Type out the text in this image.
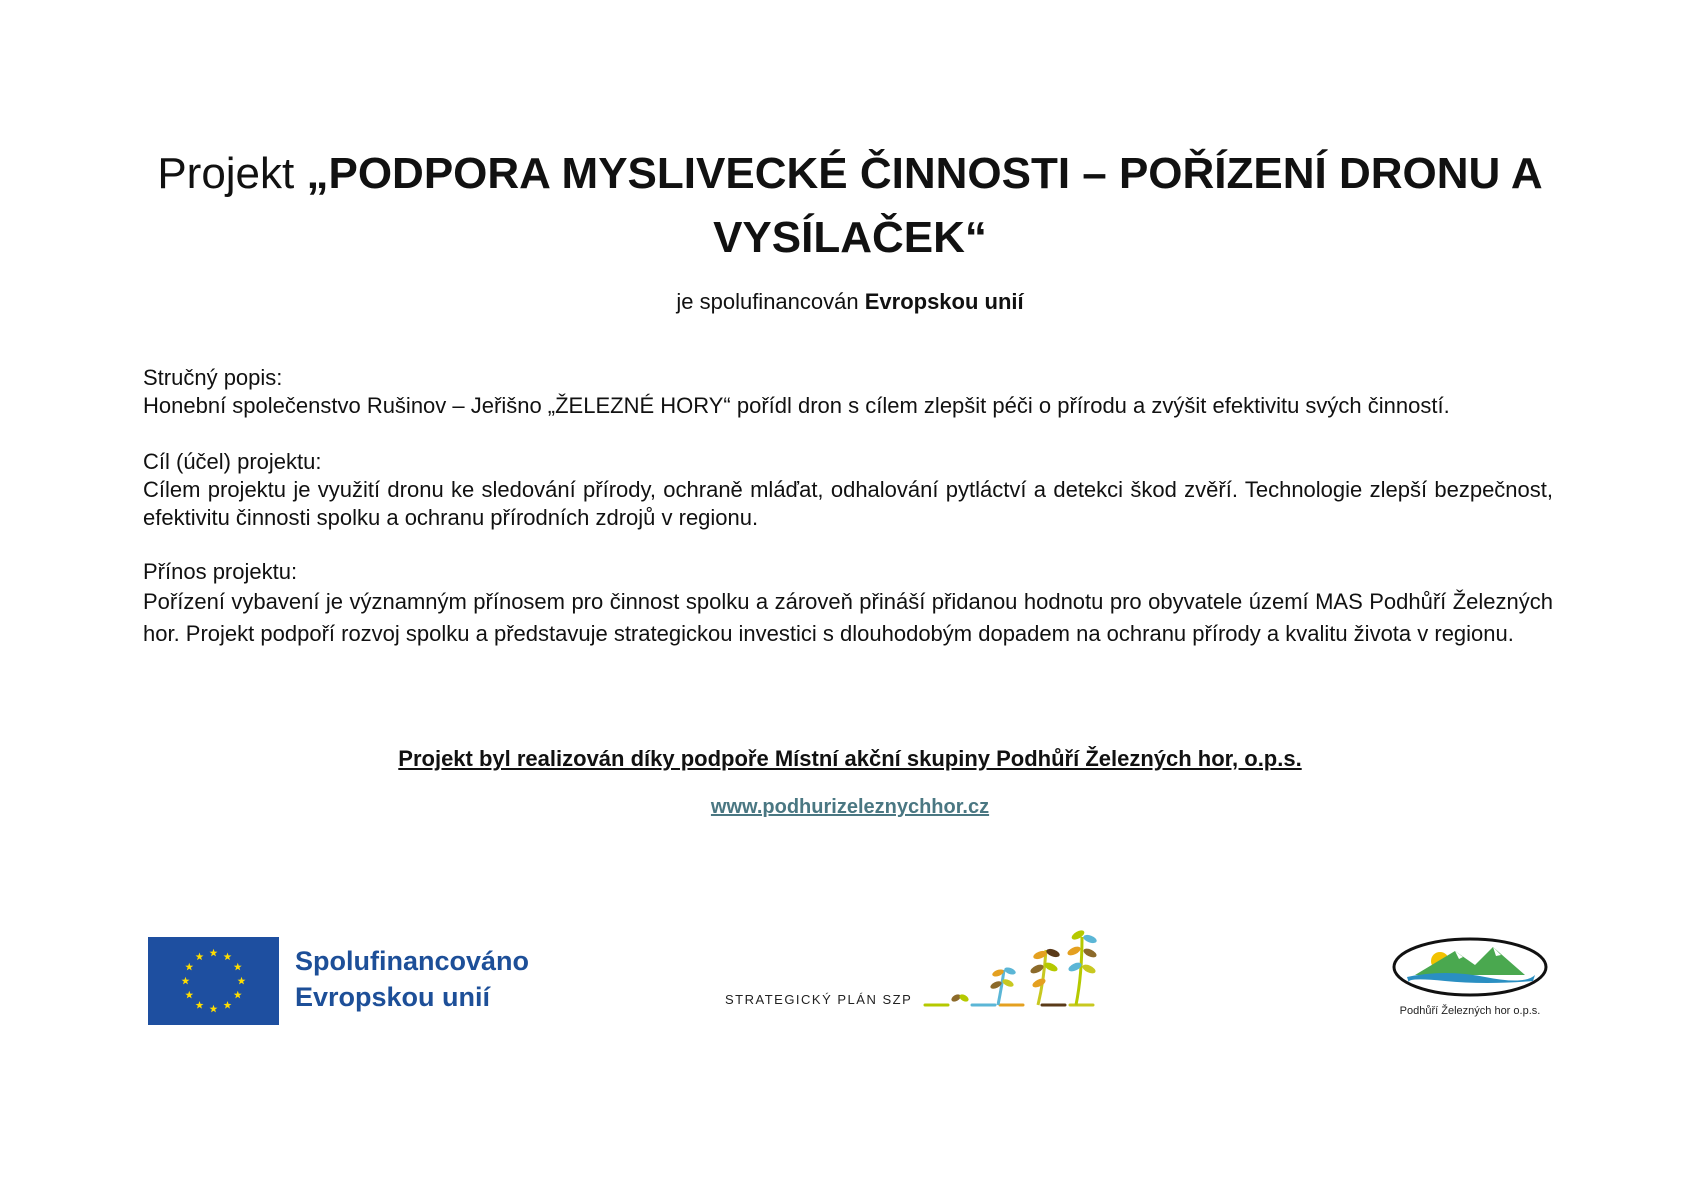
Projekt „PODPORA MYSLIVECKÉ ČINNOSTI – POŘÍZENÍ DRONU A VYSÍLAČEK“
je spolufinancován Evropskou unií

Stručný popis:

Honební společenstvo Rušinov – Jeřišno „ŽELEZNÉ HORY“ pořídl dron s cílem zlepšit péči o přírodu a zvýšit efektivitu svých činností.

Cíl (účel) projektu:

Cílem projektu je využití dronu ke sledování přírody, ochraně mláďat, odhalování pytláctví a detekci škod zvěří. Technologie zlepší bezpečnost, efektivitu činnosti spolku a ochranu přírodních zdrojů v regionu.

Přínos projektu:

Pořízení vybavení je významným přínosem pro činnost spolku a zároveň přináší přidanou hodnotu pro obyvatele území MAS Podhůří Železných hor. Projekt podpoří rozvoj spolku a představuje strategickou investici s dlouhodobým dopadem na ochranu přírody a kvalitu života v regionu.

Projekt byl realizován díky podpoře Místní akční skupiny Podhůří Železných hor, o.p.s.
www.podhurizeleznychhor.cz
Spolufinancováno
Evropskou unií	STRATEGICKÝ PLÁN SZP
Podhůří Železných hor o.p.s.
